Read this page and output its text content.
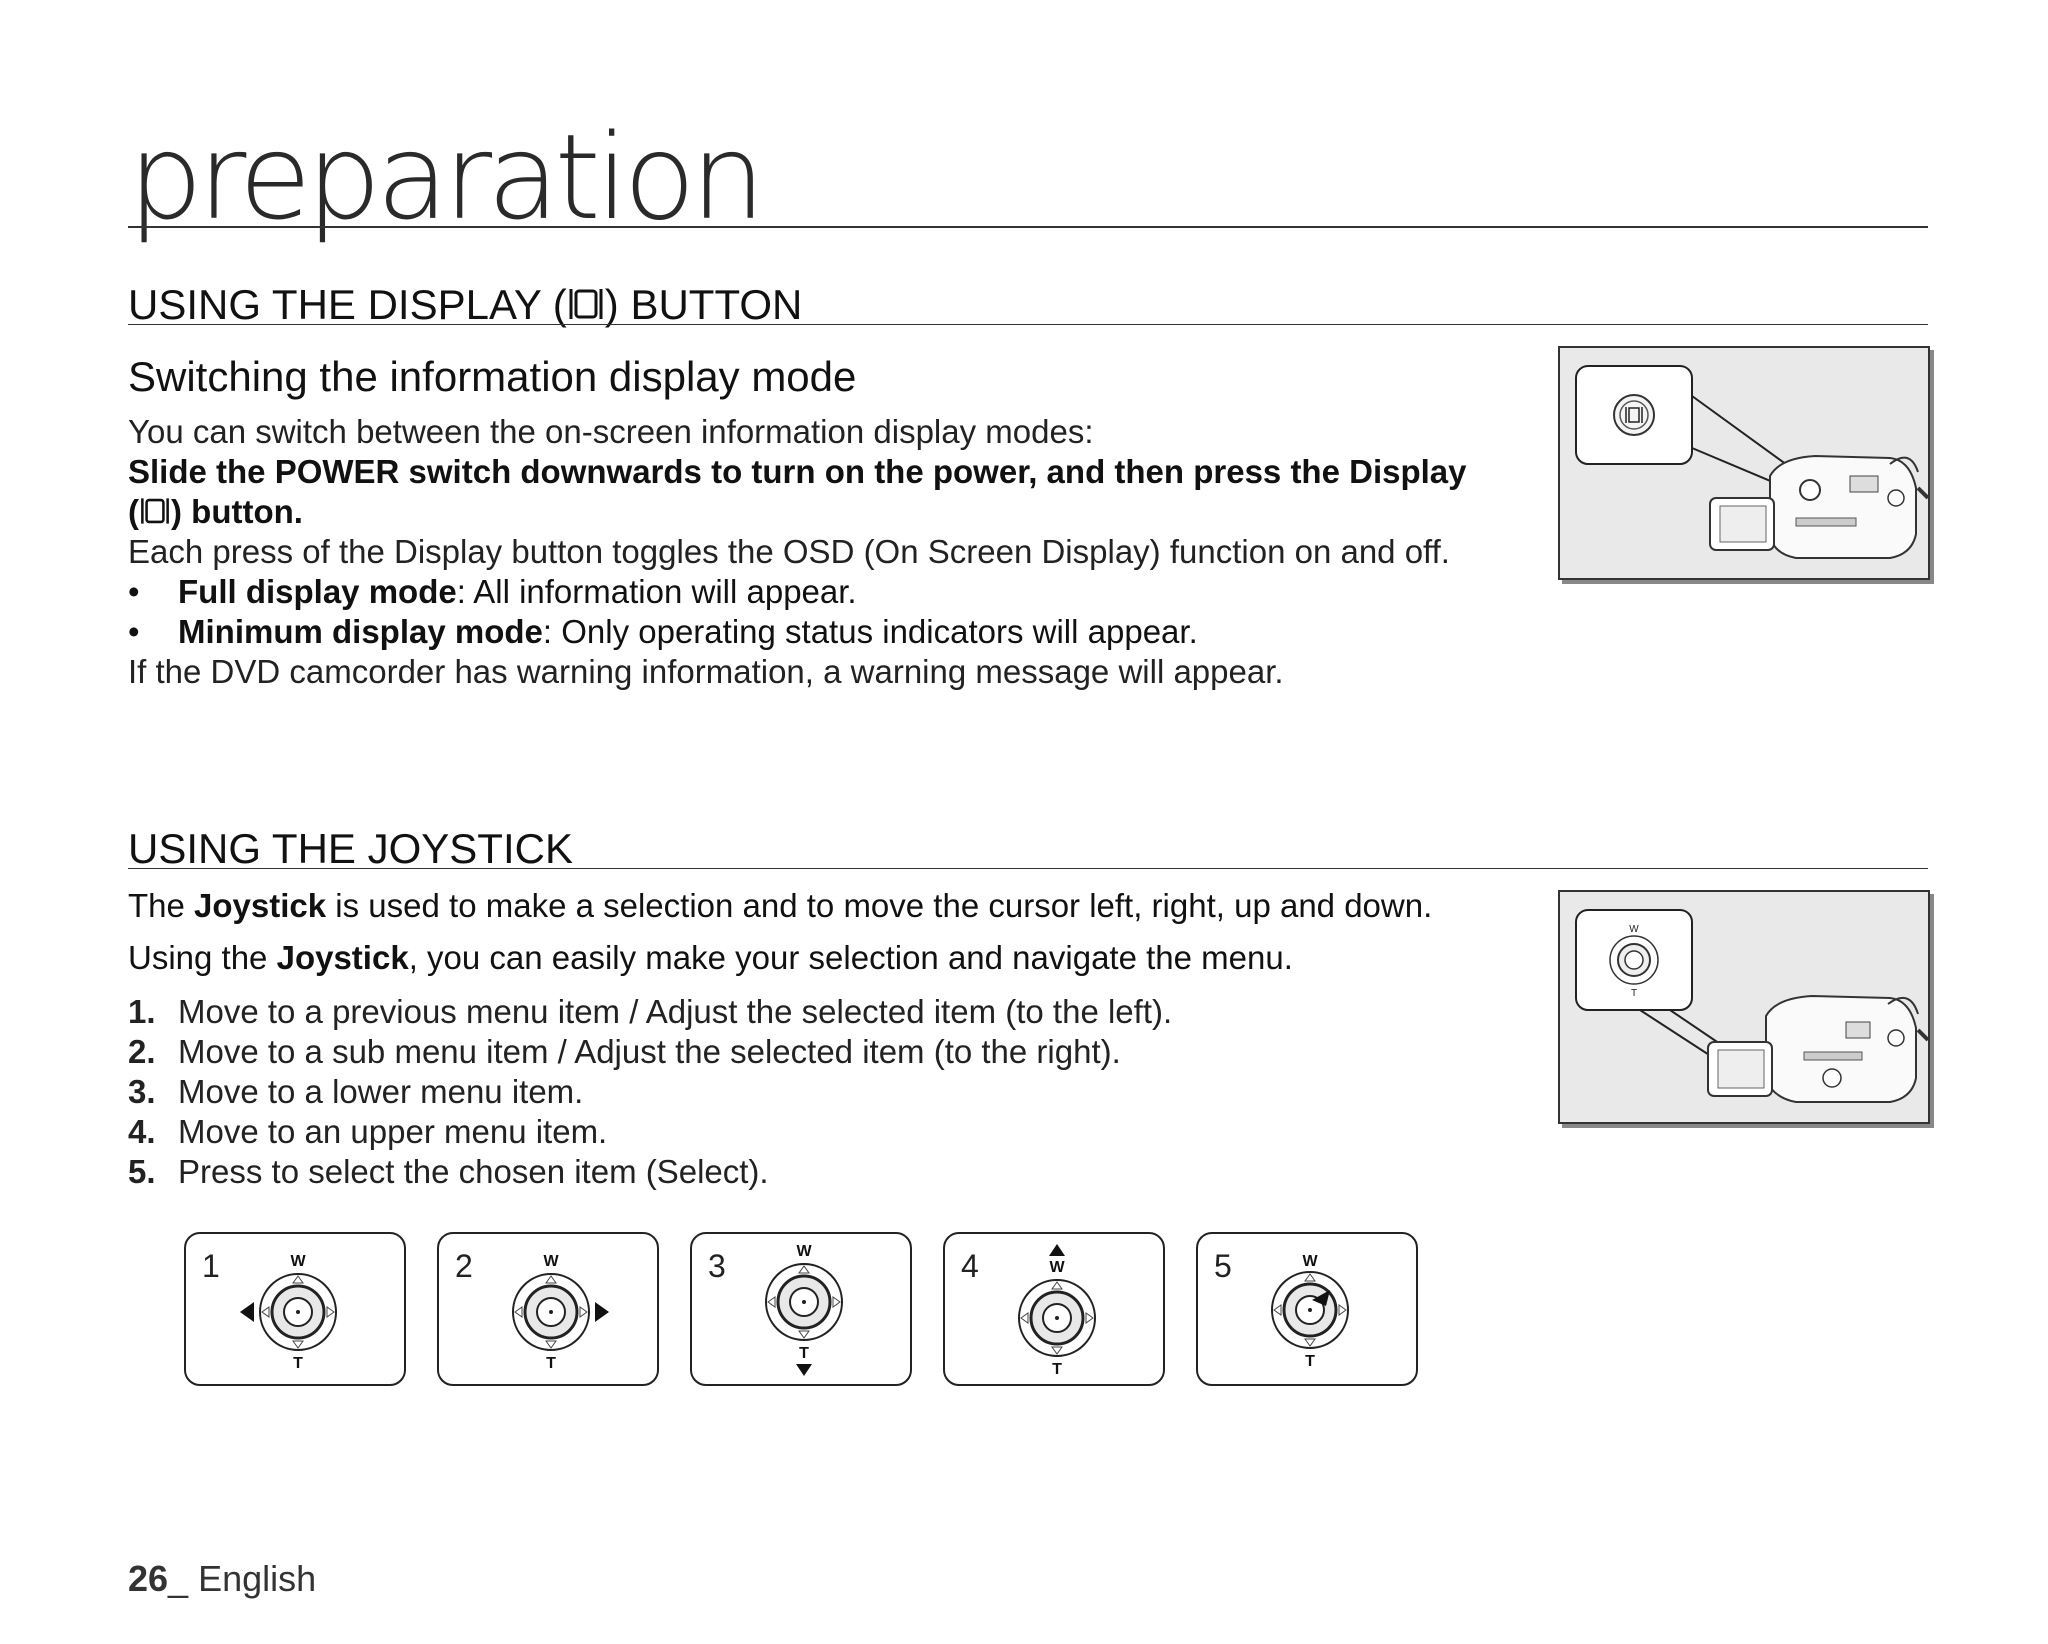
preparation
USING THE DISPLAY ( ) BUTTON
Switching the information display mode
You can switch between the on-screen information display modes:
Slide the POWER switch downwards to turn on the power, and then press the Display
( ) button.
Each press of the Display button toggles the OSD (On Screen Display) function on and off.
• Full display mode: All information will appear.
• Minimum display mode: Only operating status indicators will appear.
If the DVD camcorder has warning information, a warning message will appear.
USING THE JOYSTICK
The Joystick is used to make a selection and to move the cursor left, right, up and down.
Using the Joystick, you can easily make your selection and navigate the menu.
1. Move to a previous menu item / Adjust the selected item (to the left).
2. Move to a sub menu item / Adjust the selected item (to the right).
3. Move to a lower menu item.
4. Move to an upper menu item.
5. Press to select the chosen item (Select).
W
T
1	W
T
2	W
T
3	W
T
4	W
T
5	W
T
26_ English
